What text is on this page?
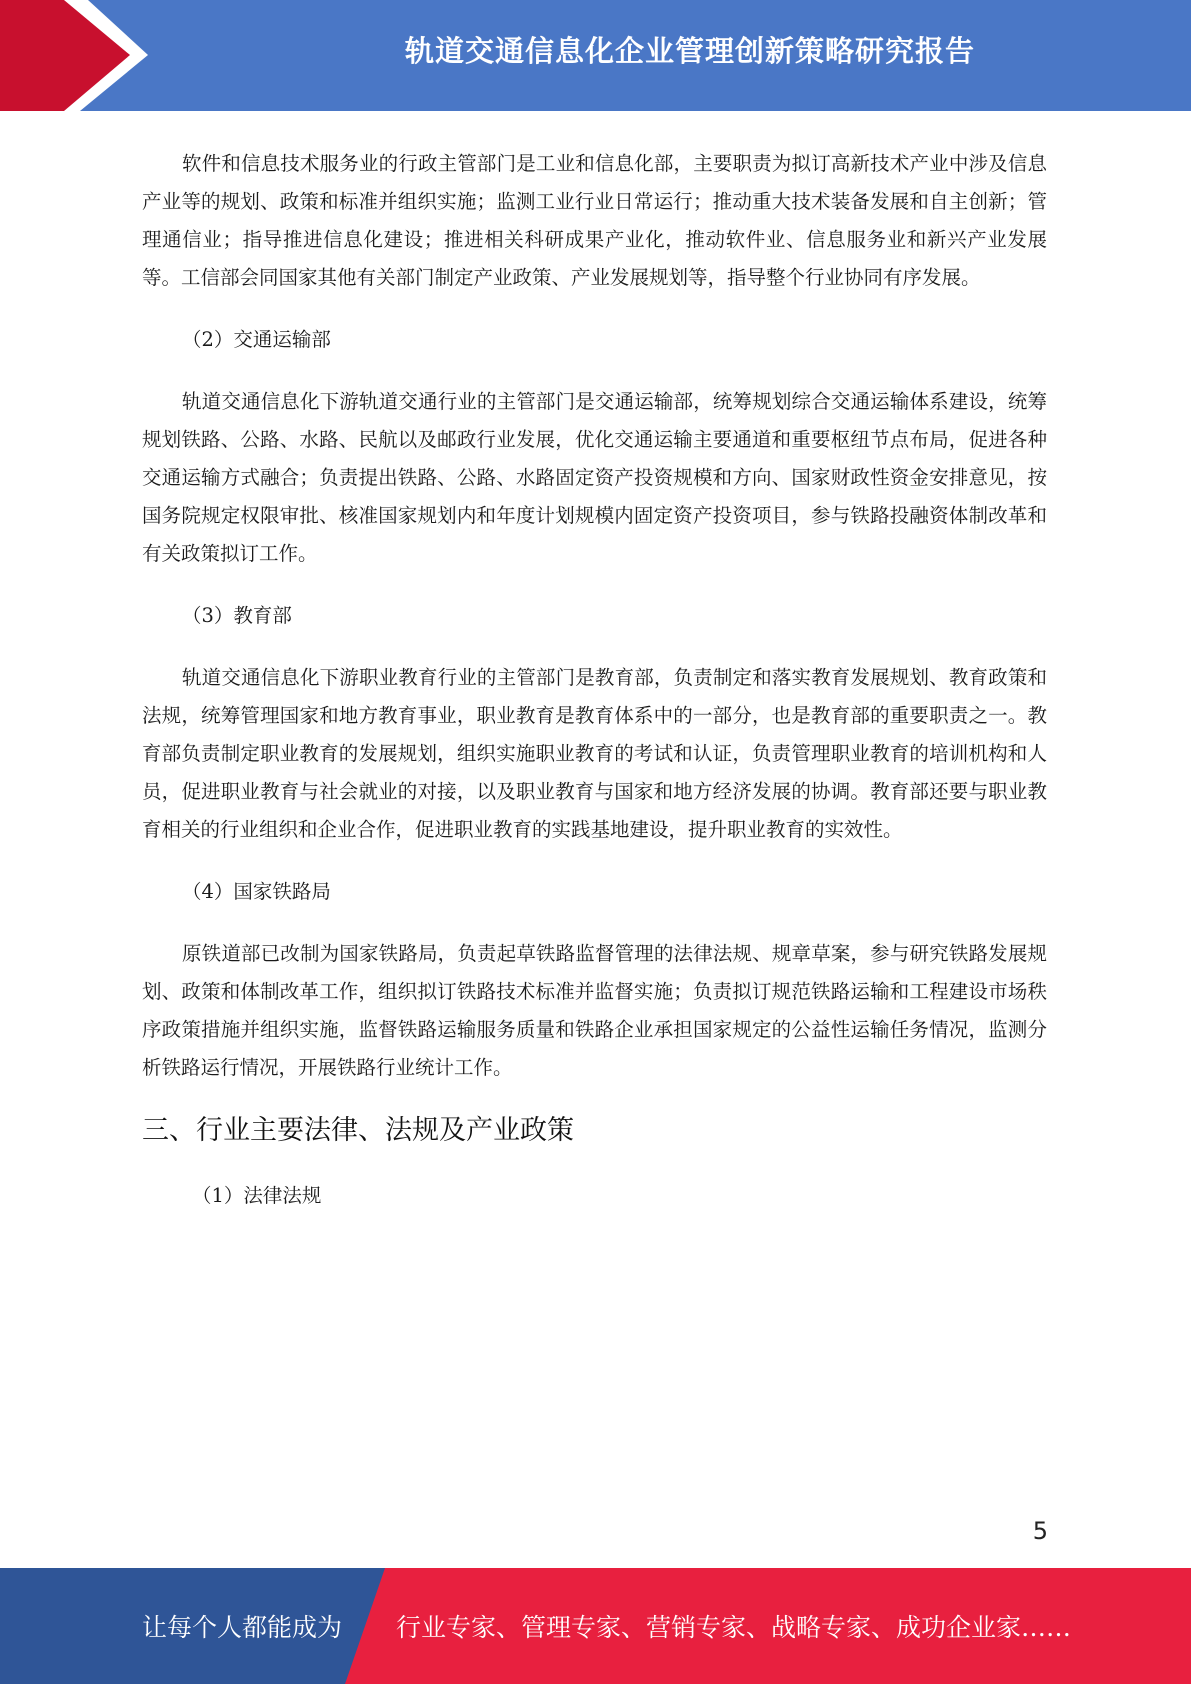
轨道交通信息化企业管理创新策略研究报告

软件和信息技术服务业的行政主管部门是工业和信息化部，主要职责为拟订高新技术产业中涉及信息产业等的规划、政策和标准并组织实施；监测工业行业日常运行；推动重大技术装备发展和自主创新；管理通信业；指导推进信息化建设；推进相关科研成果产业化，推动软件业、信息服务业和新兴产业发展等。工信部会同国家其他有关部门制定产业政策、产业发展规划等，指导整个行业协同有序发展。

（2）交通运输部

轨道交通信息化下游轨道交通行业的主管部门是交通运输部，统筹规划综合交通运输体系建设，统筹规划铁路、公路、水路、民航以及邮政行业发展，优化交通运输主要通道和重要枢纽节点布局，促进各种交通运输方式融合；负责提出铁路、公路、水路固定资产投资规模和方向、国家财政性资金安排意见，按国务院规定权限审批、核准国家规划内和年度计划规模内固定资产投资项目，参与铁路投融资体制改革和有关政策拟订工作。

（3）教育部

轨道交通信息化下游职业教育行业的主管部门是教育部，负责制定和落实教育发展规划、教育政策和法规，统筹管理国家和地方教育事业，职业教育是教育体系中的一部分，也是教育部的重要职责之一。教育部负责制定职业教育的发展规划，组织实施职业教育的考试和认证，负责管理职业教育的培训机构和人员，促进职业教育与社会就业的对接，以及职业教育与国家和地方经济发展的协调。教育部还要与职业教育相关的行业组织和企业合作，促进职业教育的实践基地建设，提升职业教育的实效性。

（4）国家铁路局

原铁道部已改制为国家铁路局，负责起草铁路监督管理的法律法规、规章草案，参与研究铁路发展规划、政策和体制改革工作，组织拟订铁路技术标准并监督实施；负责拟订规范铁路运输和工程建设市场秩序政策措施并组织实施，监督铁路运输服务质量和铁路企业承担国家规定的公益性运输任务情况，监测分析铁路运行情况，开展铁路行业统计工作。

三、行业主要法律、法规及产业政策

（1）法律法规

5
让每个人都能成为 行业专家、管理专家、营销专家、战略专家、成功企业家……
